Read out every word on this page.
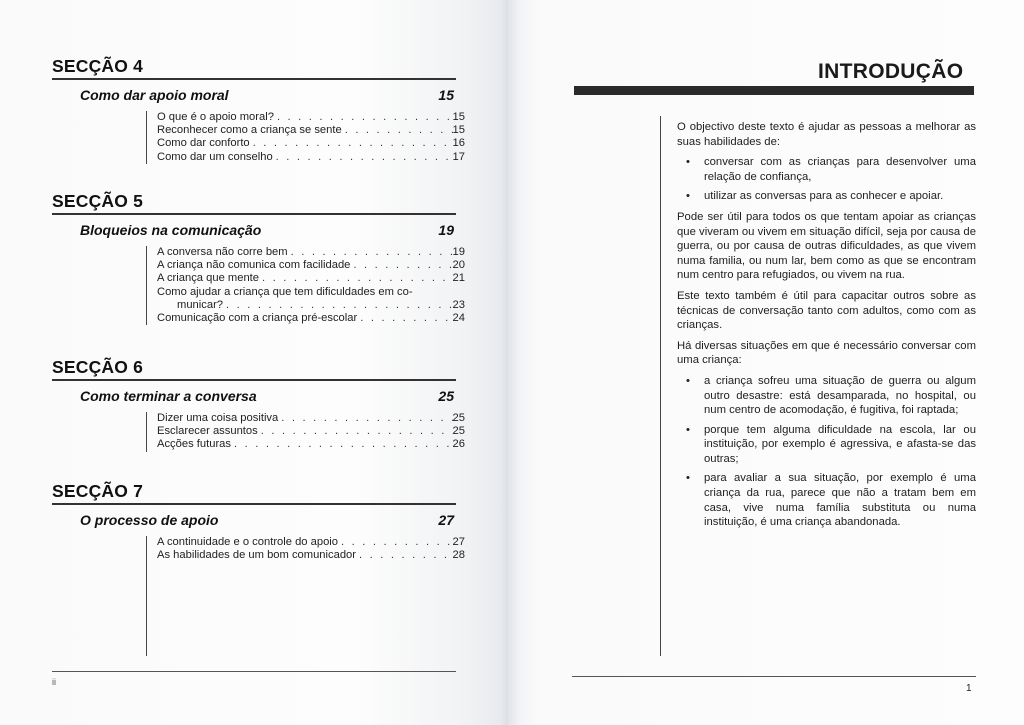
SECÇÃO 4
Como dar apoio moral	15
O que é o apoio moral? . . .	15
Reconhecer como a criança se sente . . .	15
Como dar conforto . . .	16
Como dar um conselho . . .	17
SECÇÃO 5
Bloqueios na comunicação	19
A conversa não corre bem . . .	19
A criança não comunica com facilidade . . .	20
A criança que mente . . .	21
Como ajudar a criança que tem dificuldades em co-
municar? . . .	23
Comunicação com a criança pré-escolar . . .	24
SECÇÃO 6
Como terminar a conversa	25
Dizer uma coisa positiva . . .	25
Esclarecer assuntos . . .	25
Acções futuras . . .	26
SECÇÃO 7
O processo de apoio	27
A continuidade e o controle do apoio . . .	27
As habilidades de um bom comunicador . . .	28
ii
INTRODUÇÃO

O objectivo deste texto é ajudar as pessoas a melhorar as suas habilidades de:

• conversar com as crianças para desenvolver uma relação de confiança,
• utilizar as conversas para as conhecer e apoiar.

Pode ser útil para todos os que tentam apoiar as crianças que viveram ou vivem em situação difícil, seja por causa de guerra, ou por causa de outras dificuldades, as que vivem numa familia, ou num lar, bem como as que se encontram num centro para refugiados, ou vivem na rua.

Este texto também é útil para capacitar outros sobre as técnicas de conversação tanto com adultos, como com as crianças.

Há diversas situações em que é necessário conversar com uma criança:

• a criança sofreu uma situação de guerra ou algum outro desastre: está desamparada, no hospital, ou num centro de acomodação, é fugitiva, foi raptada;
• porque tem alguma dificuldade na escola, lar ou instituição, por exemplo é agressiva, e afasta-se das outras;
• para avaliar a sua situação, por exemplo é uma criança da rua, parece que não a tratam bem em casa, vive numa família substituta ou numa instituição, é uma criança abandonada.
1
